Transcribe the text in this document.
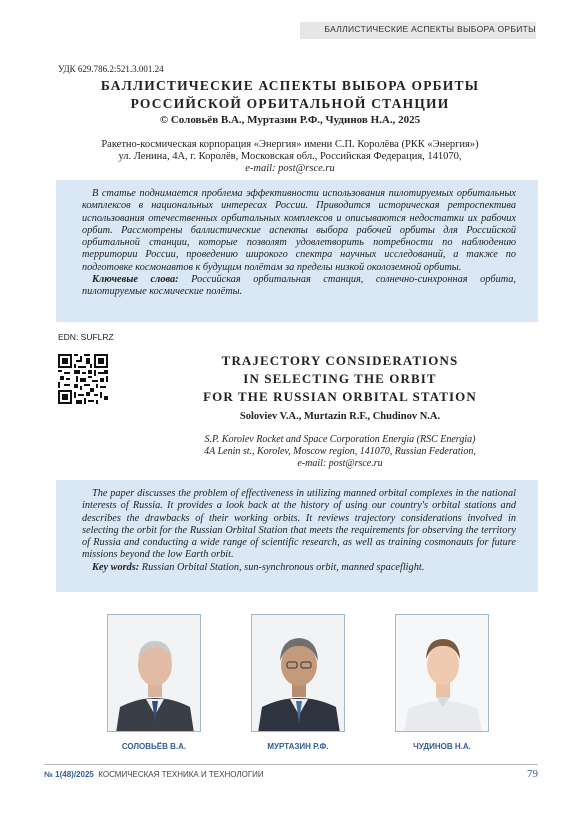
БАЛЛИСТИЧЕСКИЕ АСПЕКТЫ ВЫБОРА ОРБИТЫ
УДК 629.786.2:521.3.001.24
БАЛЛИСТИЧЕСКИЕ АСПЕКТЫ ВЫБОРА ОРБИТЫ
РОССИЙСКОЙ ОРБИТАЛЬНОЙ СТАНЦИИ
© Соловьёв В.А., Муртазин Р.Ф., Чудинов Н.А., 2025
Ракетно-космическая корпорация «Энергия» имени С.П. Королёва (РКК «Энергия»)
ул. Ленина, 4А, г. Королёв, Московская обл., Российская Федерация, 141070,
e-mail: post@rsce.ru

В статье поднимается проблема эффективности использования пилотируемых орбитальных комплексов в национальных интересах России. Приводится историческая ретроспектива использования отечественных орбитальных комплексов и описываются недостатки их рабочих орбит. Рассмотрены баллистические аспекты выбора рабочей орбиты для Российской орбитальной станции, которые позволят удовлетворить потребности по наблюдению территории России, проведению широкого спектра научных исследований, а также по подготовке космонавтов к будущим полётам за пределы низкой околоземной орбиты.

Ключевые слова: Российская орбитальная станция, солнечно-синхронная орбита, пилотируемые космические полёты.

EDN: SUFLRZ
TRAJECTORY CONSIDERATIONS
IN SELECTING THE ORBIT
FOR THE RUSSIAN ORBITAL STATION
Soloviev V.A., Murtazin R.F., Chudinov N.A.
S.P. Korolev Rocket and Space Corporation Energia (RSC Energia)
4A Lenin st., Korolev, Moscow region, 141070, Russian Federation,
e-mail: post@rsce.ru

The paper discusses the problem of effectiveness in utilizing manned orbital complexes in the national interests of Russia. It provides a look back at the history of using our country's orbital stations and describes the drawbacks of their working orbits. It reviews trajectory considerations involved in selecting the orbit for the Russian Orbital Station that meets the requirements for observing the territory of Russia and conducting a wide range of scientific research, as well as training cosmonauts for future missions beyond the low Earth orbit.

Key words: Russian Orbital Station, sun-synchronous orbit, manned spaceflight.

СОЛОВЬЁВ В.А.	МУРТАЗИН Р.Ф.	ЧУДИНОВ Н.А.
№ 1(48)/2025 КОСМИЧЕСКАЯ ТЕХНИКА И ТЕХНОЛОГИИ	79
